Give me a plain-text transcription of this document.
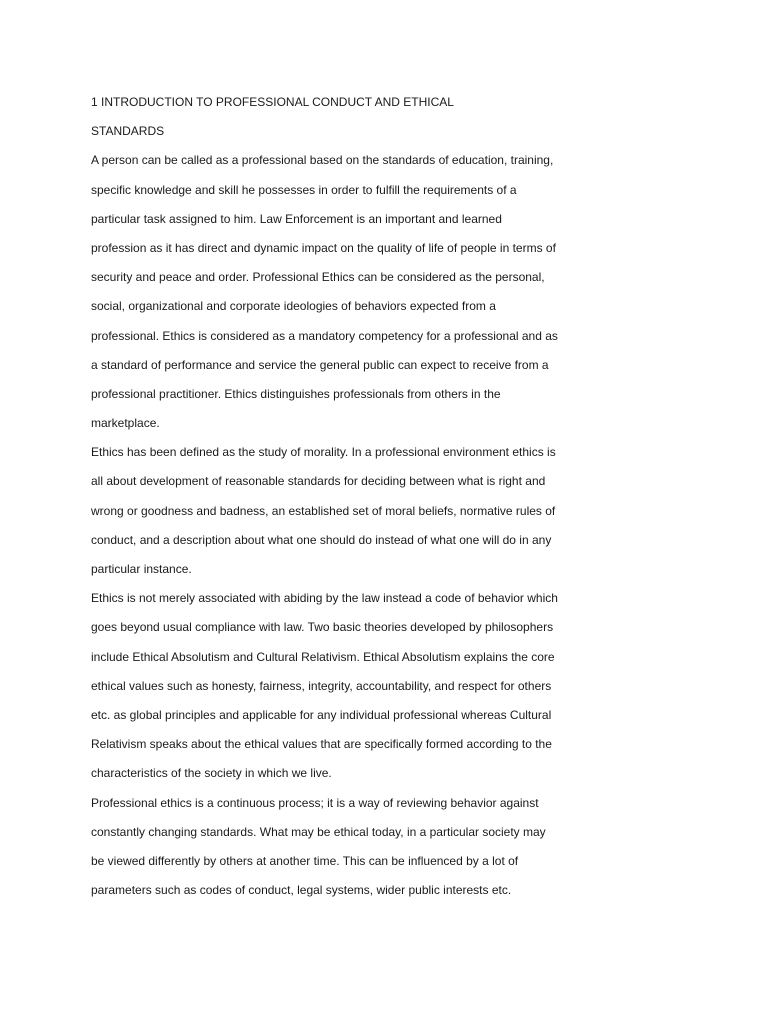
1 INTRODUCTION TO PROFESSIONAL CONDUCT AND ETHICAL
STANDARDS
A person can be called as a professional based on the standards of education, training,
specific knowledge and skill he possesses in order to fulfill the requirements of a
particular task assigned to him. Law Enforcement is an important and learned
profession as it has direct and dynamic impact on the quality of life of people in terms of
security and peace and order. Professional Ethics can be considered as the personal,
social, organizational and corporate ideologies of behaviors expected from a
professional. Ethics is considered as a mandatory competency for a professional and as
a standard of performance and service the general public can expect to receive from a
professional practitioner. Ethics distinguishes professionals from others in the
marketplace.
Ethics has been defined as the study of morality. In a professional environment ethics is
all about development of reasonable standards for deciding between what is right and
wrong or goodness and badness, an established set of moral beliefs, normative rules of
conduct, and a description about what one should do instead of what one will do in any
particular instance.
Ethics is not merely associated with abiding by the law instead a code of behavior which
goes beyond usual compliance with law. Two basic theories developed by philosophers
include Ethical Absolutism and Cultural Relativism. Ethical Absolutism explains the core
ethical values such as honesty, fairness, integrity, accountability, and respect for others
etc. as global principles and applicable for any individual professional whereas Cultural
Relativism speaks about the ethical values that are specifically formed according to the
characteristics of the society in which we live.
Professional ethics is a continuous process; it is a way of reviewing behavior against
constantly changing standards. What may be ethical today, in a particular society may
be viewed differently by others at another time. This can be influenced by a lot of
parameters such as codes of conduct, legal systems, wider public interests etc.
